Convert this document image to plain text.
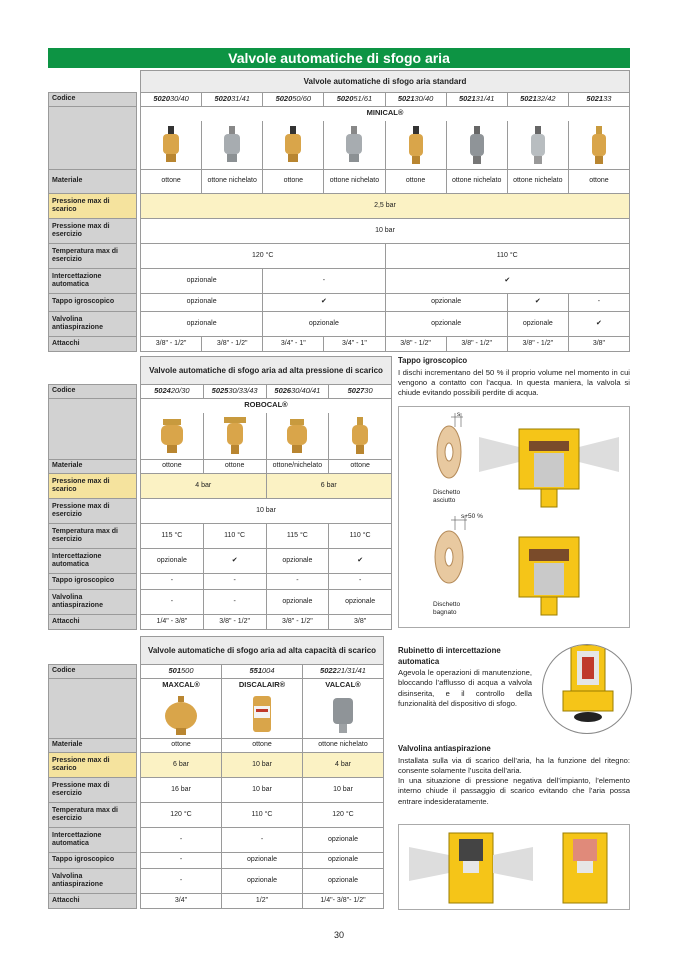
Valvole automatiche di sfogo aria
		Valvole automatiche di sfogo aria standard							
Codice		502030/40	502031/41	502050/60	502051/61	502130/40	502131/41	502132/42	502133
		MINICAL®							

Materiale		ottone	ottone nichelato	ottone	ottone nichelato	ottone	ottone nichelato	ottone nichelato	ottone
Pressione max di scarico		2,5 bar							
Pressione max di esercizio		10 bar							
Temperatura max di esercizio		120 °C				110 °C			
Intercettazione automatica		opzionale		-		✔			
Tappo igroscopico		opzionale		✔		opzionale		✔	-
Valvolina antiaspirazione		opzionale		opzionale		opzionale		opzionale	✔
Attacchi		3/8" - 1/2"	3/8" - 1/2"	3/4" - 1"	3/4" - 1"	3/8" - 1/2"	3/8" - 1/2"	3/8" - 1/2"	3/8"
		Valvole automatiche di sfogo aria ad alta pressione di scarico			
Codice		502420/30	502530/33/43	502630/40/41	502730
		ROBOCAL®			

Materiale		ottone	ottone	ottone/nichelato	ottone
Pressione max di scarico		4 bar		6 bar	
Pressione max di esercizio		10 bar			
Temperatura max di esercizio		115 °C	110 °C	115 °C	110 °C
Intercettazione automatica		opzionale	✔	opzionale	✔
Tappo igroscopico		-	-	-	-
Valvolina antiaspirazione		-	-	opzionale	opzionale
Attacchi		1/4" - 3/8"	3/8" - 1/2"	3/8" - 1/2"	3/8"
		Valvole automatiche di sfogo aria ad alta capacità di scarico		
Codice		501500	551004	502221/31/41
		MAXCAL®	DISCALAIR®	VALCAL®

Materiale		ottone	ottone	ottone nichelato
Pressione max di scarico		6 bar	10 bar	4 bar
Pressione max di esercizio		16 bar	10 bar	10 bar
Temperatura max di esercizio		120 °C	110 °C	120 °C
Intercettazione automatica		-	-	opzionale
Tappo igroscopico		-	opzionale	opzionale
Valvolina antiaspirazione		-	opzionale	opzionale
Attacchi		3/4"	1/2"	1/4"- 3/8"- 1/2"
Tappo igroscopico

I dischi incrementano del 50 % il proprio volume nel momento in cui vengono a contatto con l’acqua. In questa maniera, la valvola si chiude evitando possibili perdite di acqua.

s
s+50 %
Dischetto asciutto
Dischetto bagnato
Rubinetto di intercettazione automatica

Agevola le operazioni di manutenzione, bloccando l’afflusso di acqua a valvola disinserita, e il controllo della funzionalità del dispositivo di sfogo.

Valvolina antiaspirazione

Installata sulla via di scarico dell’aria, ha la funzione del ritegno: consente solamente l’uscita dell’aria.

In una situazione di pressione negativa dell’impianto, l’elemento interno chiude il passaggio di scarico evitando che l’aria possa entrare indesideratamente.

30
